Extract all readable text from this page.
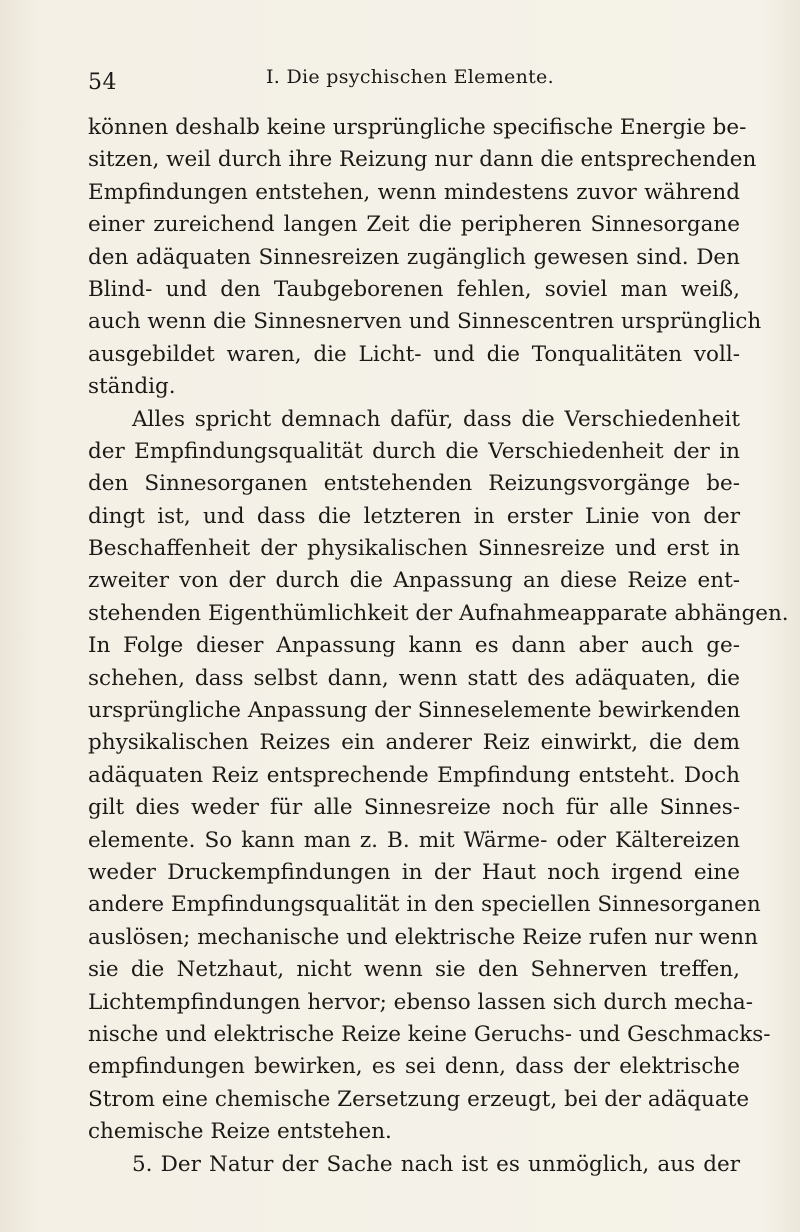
54	I. Die psychischen Elemente.
können deshalb keine ursprüngliche specifische Energie be-
sitzen, weil durch ihre Reizung nur dann die entsprechenden
Empfindungen entstehen, wenn mindestens zuvor während
einer zureichend langen Zeit die peripheren Sinnesorgane
den adäquaten Sinnesreizen zugänglich gewesen sind. Den
Blind- und den Taubgeborenen fehlen, soviel man weiß,
auch wenn die Sinnesnerven und Sinnescentren ursprünglich
ausgebildet waren, die Licht- und die Tonqualitäten voll-
ständig.
Alles spricht demnach dafür, dass die Verschiedenheit
der Empfindungsqualität durch die Verschiedenheit der in
den Sinnesorganen entstehenden Reizungsvorgänge be-
dingt ist, und dass die letzteren in erster Linie von der
Beschaffenheit der physikalischen Sinnesreize und erst in
zweiter von der durch die Anpassung an diese Reize ent-
stehenden Eigenthümlichkeit der Aufnahmeapparate abhängen.
In Folge dieser Anpassung kann es dann aber auch ge-
schehen, dass selbst dann, wenn statt des adäquaten, die
ursprüngliche Anpassung der Sinneselemente bewirkenden
physikalischen Reizes ein anderer Reiz einwirkt, die dem
adäquaten Reiz entsprechende Empfindung entsteht. Doch
gilt dies weder für alle Sinnesreize noch für alle Sinnes-
elemente. So kann man z. B. mit Wärme- oder Kältereizen
weder Druckempfindungen in der Haut noch irgend eine
andere Empfindungsqualität in den speciellen Sinnesorganen
auslösen; mechanische und elektrische Reize rufen nur wenn
sie die Netzhaut, nicht wenn sie den Sehnerven treffen,
Lichtempfindungen hervor; ebenso lassen sich durch mecha-
nische und elektrische Reize keine Geruchs- und Geschmacks-
empfindungen bewirken, es sei denn, dass der elektrische
Strom eine chemische Zersetzung erzeugt, bei der adäquate
chemische Reize entstehen.
5. Der Natur der Sache nach ist es unmöglich, aus der
